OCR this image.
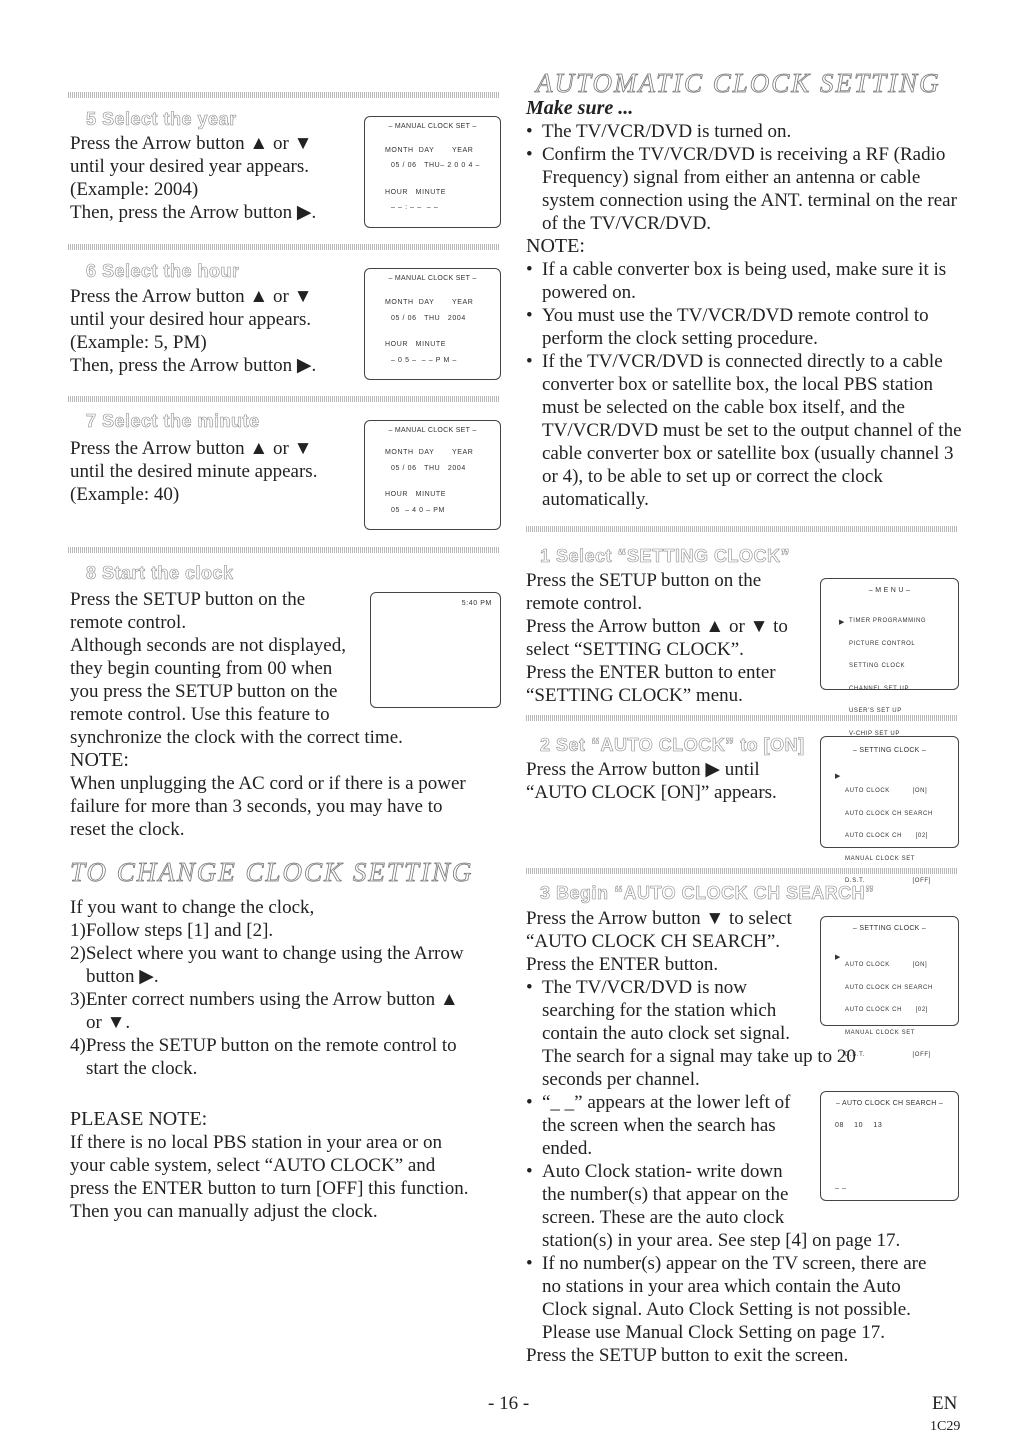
5 Select the year

Press the Arrow button ▲ or ▼

until your desired year appears.

(Example: 2004)

Then, press the Arrow button ▶.

– MANUAL CLOCK SET –
MONTH  DAY       YEAR
05 / 06   THU– 2 0 0 4 –
HOUR   MINUTE
– – : – –  – –
6 Select the hour

Press the Arrow button ▲ or ▼

until your desired hour appears.

(Example: 5, PM)

Then, press the Arrow button ▶.

– MANUAL CLOCK SET –
MONTH  DAY       YEAR
05 / 06   THU   2004
HOUR   MINUTE
– 0 5 –  – – P M –
7 Select the minute

Press the Arrow button ▲ or ▼

until the desired minute appears.

(Example: 40)

– MANUAL CLOCK SET –
MONTH  DAY       YEAR
05 / 06   THU   2004
HOUR   MINUTE
05  – 4 0 – PM
8 Start the clock

Press the SETUP button on the

remote control.

Although seconds are not displayed,

they begin counting from 00 when

you press the SETUP button on the

remote control. Use this feature to

synchronize the clock with the correct time.

NOTE:

When unplugging the AC cord or if there is a power

failure for more than 3 seconds, you may have to

reset the clock.

5:40 PM
TO CHANGE CLOCK SETTING

If you want to change the clock,

1)Follow steps [1] and [2].

2)Select where you want to change using the Arrow

button ▶.

3)Enter correct numbers using the Arrow button ▲

or ▼.

4)Press the SETUP button on the remote control to

start the clock.

PLEASE NOTE:

If there is no local PBS station in your area or on

your cable system, select “AUTO CLOCK” and

press the ENTER button to turn [OFF] this function.

Then you can manually adjust the clock.

AUTOMATIC CLOCK SETTING

Make sure ...

• The TV/VCR/DVD is turned on.

• Confirm the TV/VCR/DVD is receiving a RF (Radio Frequency) signal from either an antenna or cable system connection using the ANT. terminal on the rear of the TV/VCR/DVD.

NOTE:

• If a cable converter box is being used, make sure it is powered on.

• You must use the TV/VCR/DVD remote control to perform the clock setting procedure.

• If the TV/VCR/DVD is connected directly to a cable converter box or satellite box, the local PBS station must be selected on the cable box itself, and the TV/VCR/DVD must be set to the output channel of the cable converter box or satellite box (usually channel 3 or 4), to be able to set up or correct the clock automatically.

1 Select “SETTING CLOCK”

Press the SETUP button on the

remote control.

Press the Arrow button ▲ or ▼ to

select “SETTING CLOCK”.

Press the ENTER button to enter

“SETTING CLOCK” menu.

– M E N U –

TIMER PROGRAMMING

PICTURE CONTROL

SETTING CLOCK

CHANNEL SET UP

USER'S SET UP

V-CHIP SET UP

▶
2 Set “AUTO CLOCK” to [ON]

Press the Arrow button ▶ until

“AUTO CLOCK [ON]” appears.

– SETTING CLOCK –

AUTO CLOCK          [ON]

AUTO CLOCK CH SEARCH

AUTO CLOCK CH      [02]

MANUAL CLOCK SET

D.S.T.                     [OFF]

▶
3 Begin “AUTO CLOCK CH SEARCH”

Press the Arrow button ▼ to select

“AUTO CLOCK CH SEARCH”.

Press the ENTER button.

• The TV/VCR/DVD is now

searching for the station which

contain the auto clock set signal.

The search for a signal may take up to 20

seconds per channel.

• “_ _” appears at the lower left of

the screen when the search has

ended.

• Auto Clock station- write down

the number(s) that appear on the

screen. These are the auto clock

station(s) in your area. See step [4] on page 17.

• If no number(s) appear on the TV screen, there are

no stations in your area which contain the Auto

Clock signal. Auto Clock Setting is not possible.

Please use Manual Clock Setting on page 17.

Press the SETUP button to exit the screen.

– SETTING CLOCK –

AUTO CLOCK          [ON]

AUTO CLOCK CH SEARCH

AUTO CLOCK CH      [02]

MANUAL CLOCK SET

D.S.T.                     [OFF]

▶
– AUTO CLOCK CH SEARCH –
08    10    13
_ _
- 16 -	EN
1C29
